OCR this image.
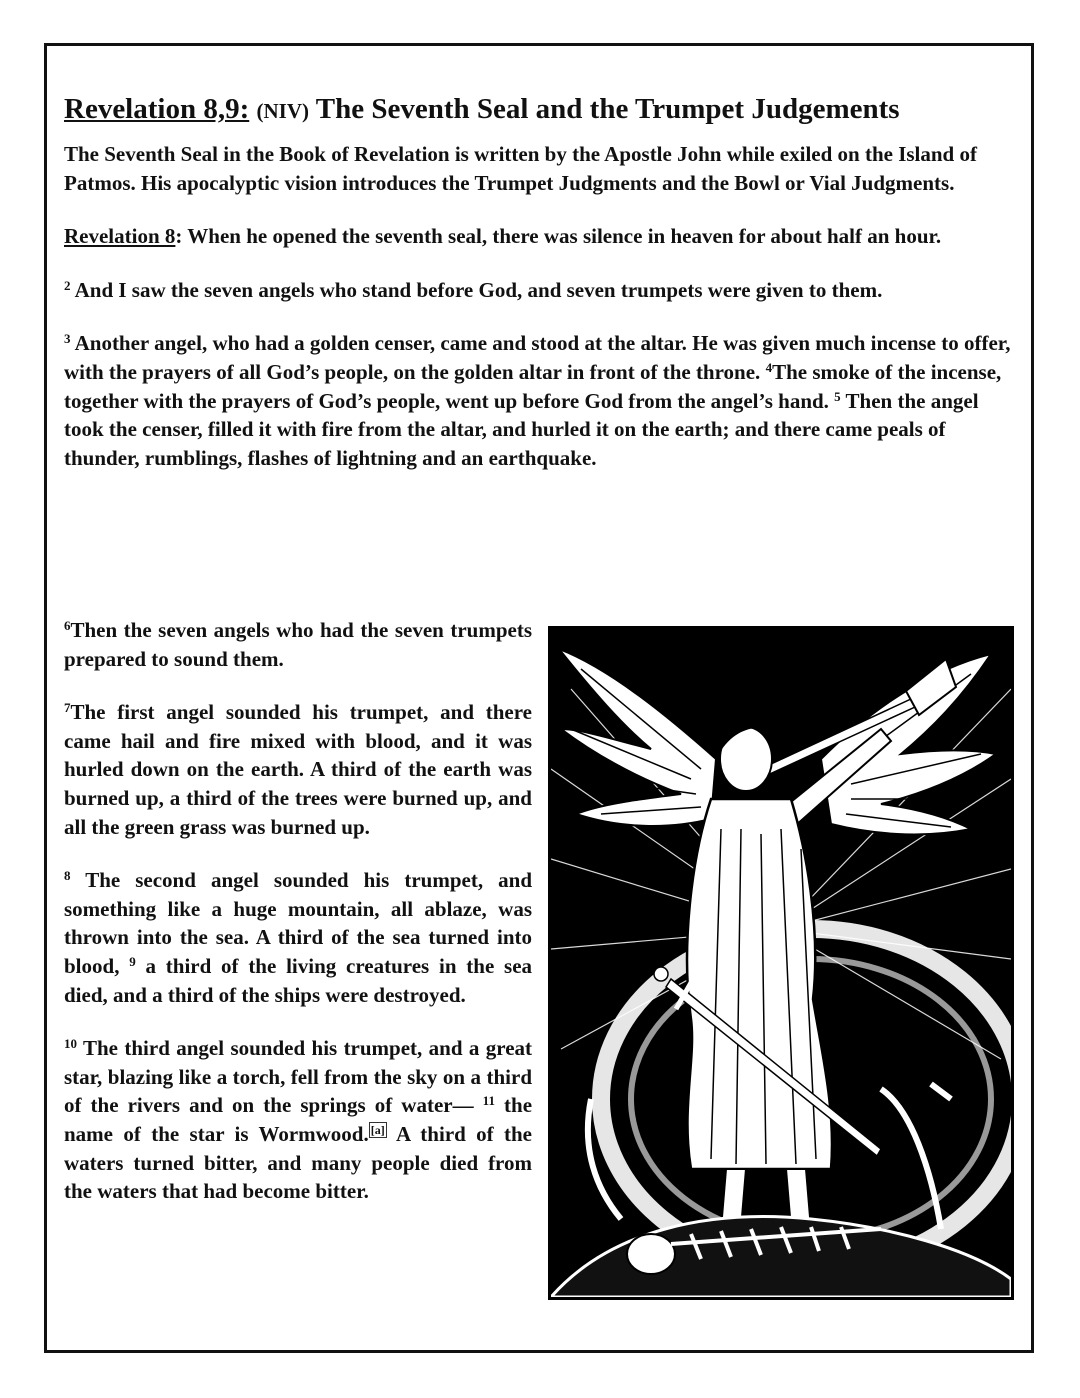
Revelation 8,9: (NIV) The Seventh Seal and the Trumpet Judgements

The Seventh Seal in the Book of Revelation is written by the Apostle John while exiled on the Island of Patmos. His apocalyptic vision introduces the Trumpet Judgments and the Bowl or Vial Judgments.

Revelation 8: When he opened the seventh seal, there was silence in heaven for about half an hour.

$^2$ And I saw the seven angels who stand before God, and seven trumpets were given to them.

$^3$ Another angel, who had a golden censer, came and stood at the altar. He was given much incense to offer, with the prayers of all God’s people, on the golden altar in front of the throne. $^4$The smoke of the incense, together with the prayers of God’s people, went up before God from the angel’s hand. $^5$ Then the angel took the censer, filled it with fire from the altar, and hurled it on the earth; and there came peals of thunder, rumblings, flashes of lightning and an earthquake.

$^6$Then the seven angels who had the seven trumpets prepared to sound them.

$^7$The first angel sounded his trumpet, and there came hail and fire mixed with blood, and it was hurled down on the earth. A third of the earth was burned up, a third of the trees were burned up, and all the green grass was burned up.

$^8$ The second angel sounded his trumpet, and something like a huge mountain, all ablaze, was thrown into the sea. A third of the sea turned into blood, $^9$ a third of the living creatures in the sea died, and a third of the ships were destroyed.

$^{10}$ The third angel sounded his trumpet, and a great star, blazing like a torch, fell from the sky on a third of the rivers and on the springs of water— $^{11}$ the name of the star is Wormwood. [a] A third of the waters turned bitter, and many people died from the waters that had become bitter.
